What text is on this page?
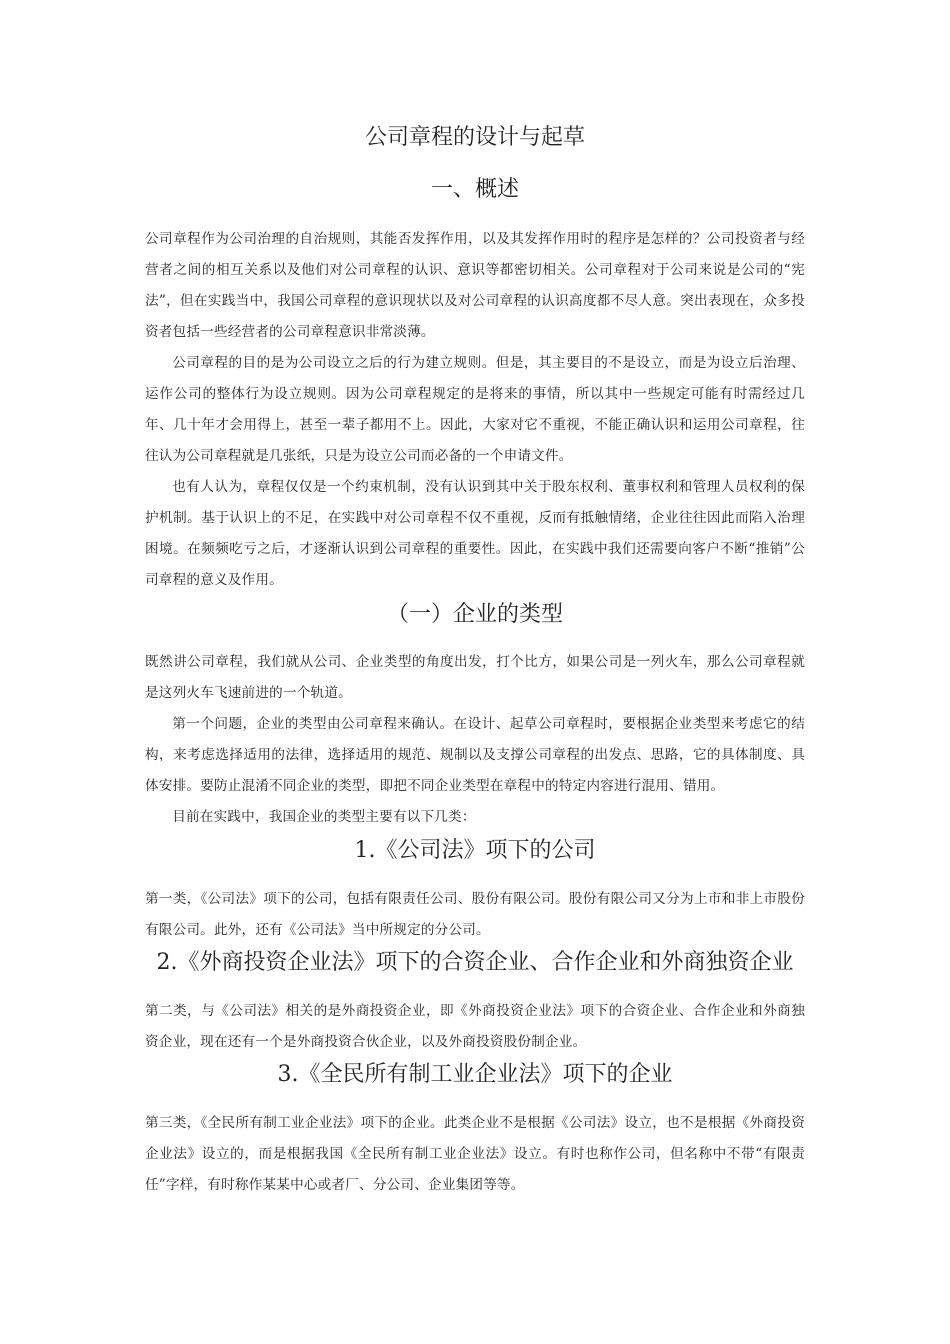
公司章程的设计与起草
一、概述
公司章程作为公司治理的自治规则，其能否发挥作用，以及其发挥作用时的程序是怎样的？公司投资者与经营者之间的相互关系以及他们对公司章程的认识、意识等都密切相关。公司章程对于公司来说是公司的“宪法”，但在实践当中，我国公司章程的意识现状以及对公司章程的认识高度都不尽人意。突出表现在，众多投资者包括一些经营者的公司章程意识非常淡薄。
公司章程的目的是为公司设立之后的行为建立规则。但是，其主要目的不是设立，而是为设立后治理、运作公司的整体行为设立规则。因为公司章程规定的是将来的事情，所以其中一些规定可能有时需经过几年、几十年才会用得上，甚至一辈子都用不上。因此，大家对它不重视，不能正确认识和运用公司章程，往往认为公司章程就是几张纸，只是为设立公司而必备的一个申请文件。
也有人认为，章程仅仅是一个约束机制，没有认识到其中关于股东权利、董事权利和管理人员权利的保护机制。基于认识上的不足，在实践中对公司章程不仅不重视，反而有抵触情绪，企业往往因此而陷入治理困境。在频频吃亏之后，才逐渐认识到公司章程的重要性。因此，在实践中我们还需要向客户不断“推销”公司章程的意义及作用。
（一）企业的类型
既然讲公司章程，我们就从公司、企业类型的角度出发，打个比方，如果公司是一列火车，那么公司章程就是这列火车飞速前进的一个轨道。
第一个问题，企业的类型由公司章程来确认。在设计、起草公司章程时，要根据企业类型来考虑它的结构，来考虑选择适用的法律，选择适用的规范、规制以及支撑公司章程的出发点、思路，它的具体制度、具体安排。要防止混淆不同企业的类型，即把不同企业类型在章程中的特定内容进行混用、错用。
目前在实践中，我国企业的类型主要有以下几类：
1.《公司法》项下的公司
第一类，《公司法》项下的公司，包括有限责任公司、股份有限公司。股份有限公司又分为上市和非上市股份有限公司。此外，还有《公司法》当中所规定的分公司。
2.《外商投资企业法》项下的合资企业、合作企业和外商独资企业
第二类，与《公司法》相关的是外商投资企业，即《外商投资企业法》项下的合资企业、合作企业和外商独资企业，现在还有一个是外商投资合伙企业，以及外商投资股份制企业。
3.《全民所有制工业企业法》项下的企业
第三类，《全民所有制工业企业法》项下的企业。此类企业不是根据《公司法》设立，也不是根据《外商投资企业法》设立的，而是根据我国《全民所有制工业企业法》设立。有时也称作公司，但名称中不带“有限责任”字样，有时称作某某中心或者厂、分公司、企业集团等等。
